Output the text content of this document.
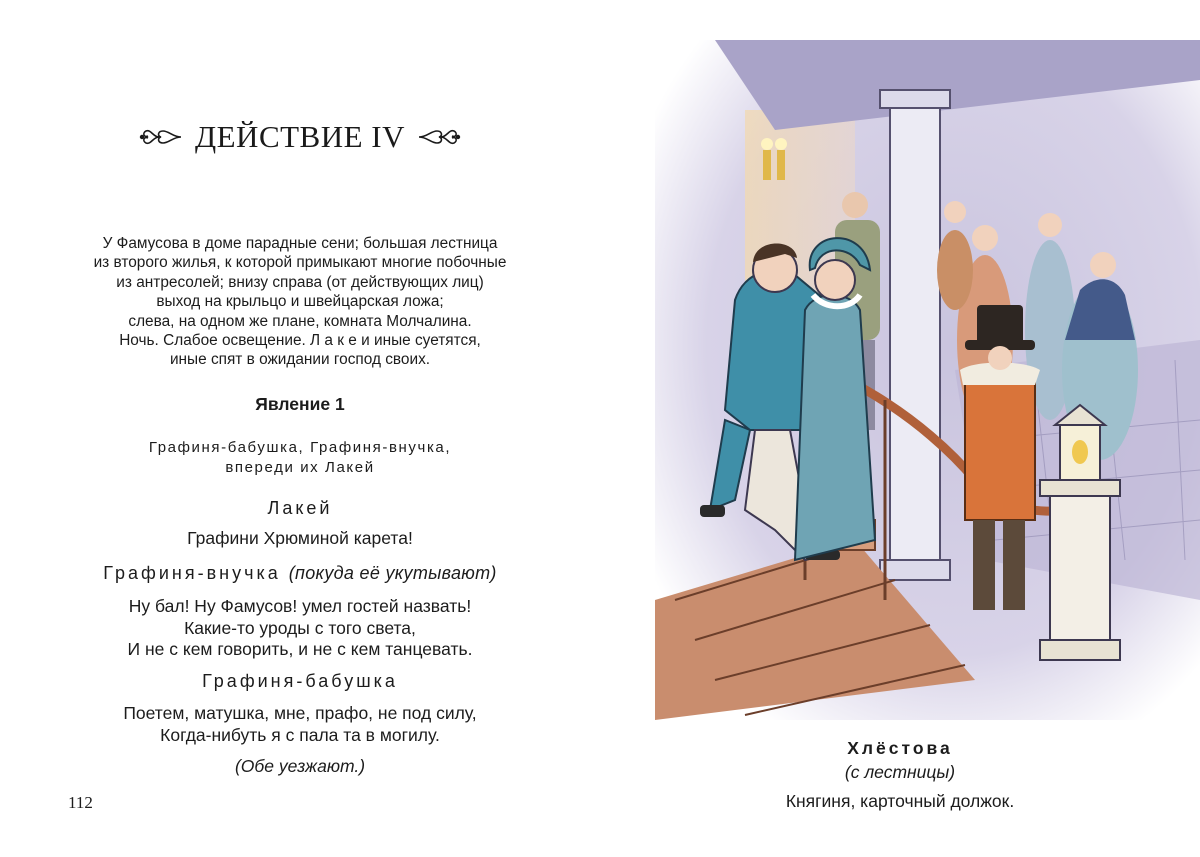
ДЕЙСТВИЕ IV
У Фамусова в доме парадные сени; большая лестница
из второго жилья, к которой примыкают многие побочные
из антресолей; внизу справа (от действующих лиц)
выход на крыльцо и швейцарская ложа;
слева, на одном же плане, комната Молчалина.
Ночь. Слабое освещение. Л а к е и иные суетятся,
иные спят в ожидании господ своих.
Явление 1
Графиня-бабушка, Графиня-внучка,
впереди их Лакей
Лакей
Графини Хрюминой карета!
Графиня-внучка (покуда её укутывают)
Ну бал! Ну Фамусов! умел гостей назвать!
Какие-то уроды с того света,
И не с кем говорить, и не с кем танцевать.
Графиня-бабушка
Поетем, матушка, мне, прафо, не под силу,
Когда-нибуть я с пала та в могилу.
(Обе уезжают.)
112
Хлёстова
(с лестницы)
Княгиня, карточный должок.
